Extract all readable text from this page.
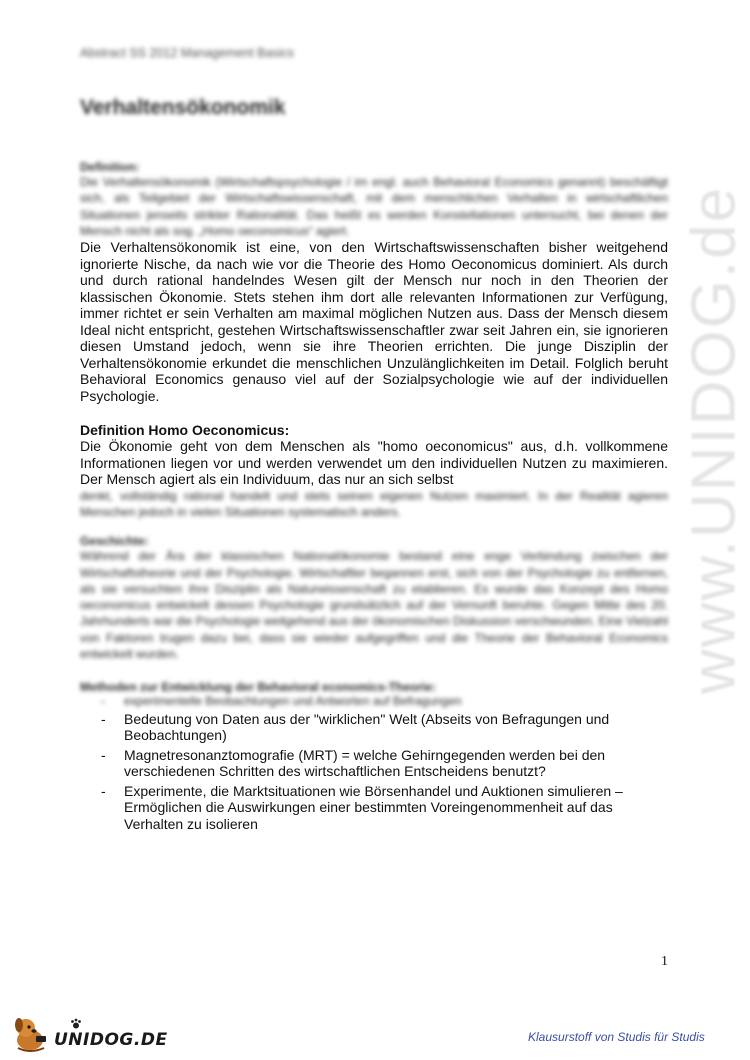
www.UNIDOG.de
Abstract SS 2012 Management Basics
Verhaltensökonomik

Definition:

Die Verhaltensökonomik (Wirtschaftspsychologie / im engl. auch Behavioral Economics genannt) beschäftigt sich, als Teilgebiet der Wirtschaftswissenschaft, mit dem menschlichen Verhalten in wirtschaftlichen Situationen jenseits strikter Rationalität. Das heißt es werden Konstellationen untersucht, bei denen der Mensch nicht als sog. „Homo oeconomicus“ agiert.

Die Verhaltensökonomik ist eine, von den Wirtschaftswissenschaften bisher weitgehend ignorierte Nische, da nach wie vor die Theorie des Homo Oeconomicus dominiert. Als durch und durch rational handelndes Wesen gilt der Mensch nur noch in den Theorien der klassischen Ökonomie. Stets stehen ihm dort alle relevanten Informationen zur Verfügung, immer richtet er sein Verhalten am maximal möglichen Nutzen aus. Dass der Mensch diesem Ideal nicht entspricht, gestehen Wirtschaftswissenschaftler zwar seit Jahren ein, sie ignorieren diesen Umstand jedoch, wenn sie ihre Theorien errichten. Die junge Disziplin der Verhaltensökonomie erkundet die menschlichen Unzulänglichkeiten im Detail. Folglich beruht Behavioral Economics genauso viel auf der Sozialpsychologie wie auf der individuellen Psychologie.

Definition Homo Oeconomicus:

Die Ökonomie geht von dem Menschen als "homo oeconomicus" aus, d.h. vollkommene Informationen liegen vor und werden verwendet um den individuellen Nutzen zu maximieren. Der Mensch agiert als ein Individuum, das nur an sich selbst

denkt, vollständig rational handelt und stets seinen eigenen Nutzen maximiert. In der Realität agieren Menschen jedoch in vielen Situationen systematisch anders.

Geschichte:

Während der Ära der klassischen Nationalökonomie bestand eine enge Verbindung zwischen der Wirtschaftstheorie und der Psychologie. Wirtschaftler begannen erst, sich von der Psychologie zu entfernen, als sie versuchten ihre Disziplin als Naturwissenschaft zu etablieren. Es wurde das Konzept des Homo oeconomicus entwickelt dessen Psychologie grundsätzlich auf der Vernunft beruhte. Gegen Mitte des 20. Jahrhunderts war die Psychologie weitgehend aus der ökonomischen Diskussion verschwunden. Eine Vielzahl von Faktoren trugen dazu bei, dass sie wieder aufgegriffen und die Theorie der Behavioral Economics entwickelt wurden.

Methoden zur Entwicklung der Behavioral economics-Theorie:

- experimentelle Beobachtungen und Antworten auf Befragungen
- Bedeutung von Daten aus der "wirklichen" Welt (Abseits von Befragungen und Beobachtungen)
- Magnetresonanztomografie (MRT) = welche Gehirngegenden werden bei den verschiedenen Schritten des wirtschaftlichen Entscheidens benutzt?
- Experimente, die Marktsituationen wie Börsenhandel und Auktionen simulieren – Ermöglichen die Auswirkungen einer bestimmten Voreingenommenheit auf das Verhalten zu isolieren
1
UNIDOG.DE	Klausurstoff von Studis für Studis
